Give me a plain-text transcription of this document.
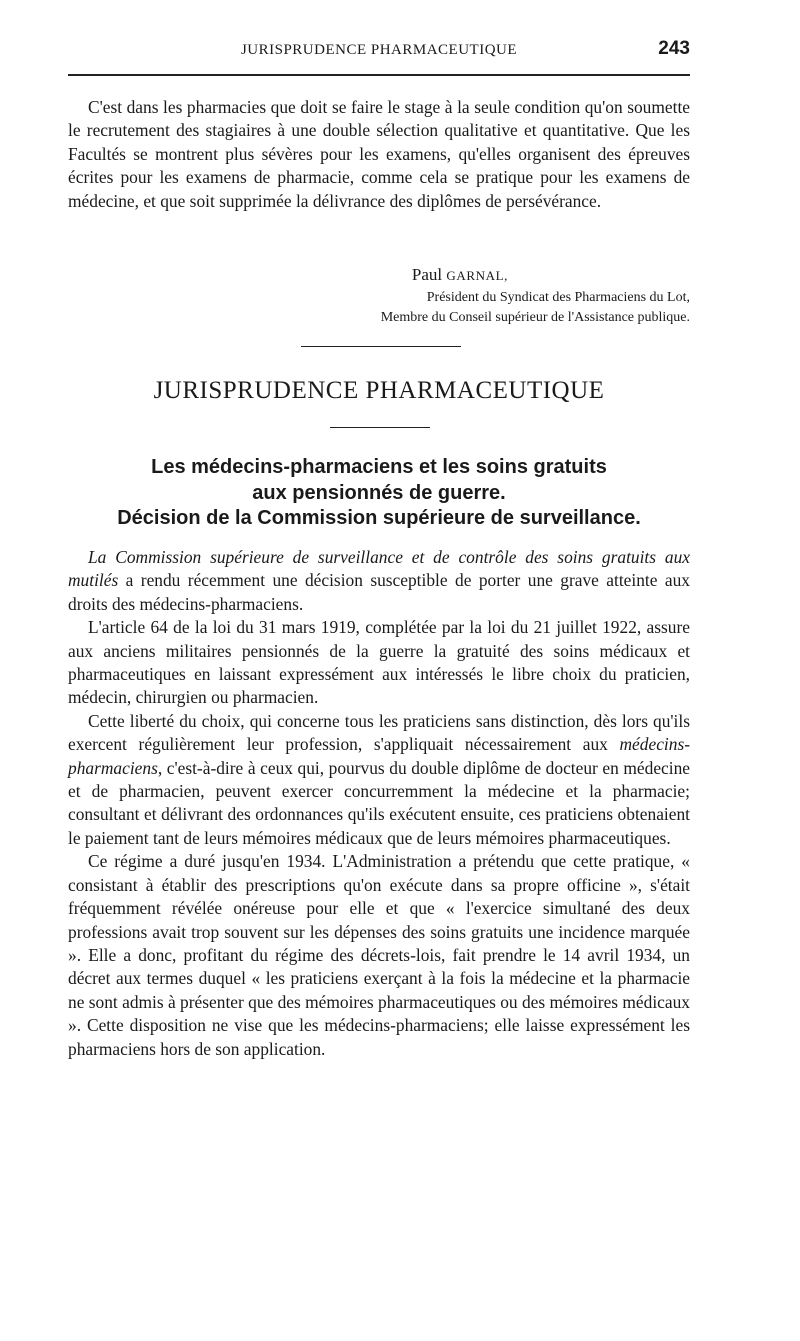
JURISPRUDENCE PHARMACEUTIQUE	243

C'est dans les pharmacies que doit se faire le stage à la seule condition qu'on soumette le recrutement des stagiaires à une double sélection qualitative et quantitative. Que les Facultés se montrent plus sévères pour les examens, qu'elles organisent des épreuves écrites pour les examens de pharmacie, comme cela se pratique pour les examens de médecine, et que soit supprimée la délivrance des diplômes de persévérance.

Paul GARNAL,
Président du Syndicat des Pharmaciens du Lot,
Membre du Conseil supérieur de l'Assistance publique.
JURISPRUDENCE PHARMACEUTIQUE
Les médecins-pharmaciens et les soins gratuits
aux pensionnés de guerre.
Décision de la Commission supérieure de surveillance.

La Commission supérieure de surveillance et de contrôle des soins gratuits aux mutilés a rendu récemment une décision susceptible de porter une grave atteinte aux droits des médecins-pharmaciens.

L'article 64 de la loi du 31 mars 1919, complétée par la loi du 21 juillet 1922, assure aux anciens militaires pensionnés de la guerre la gratuité des soins médicaux et pharmaceutiques en laissant expressément aux intéressés le libre choix du praticien, médecin, chirurgien ou pharmacien.

Cette liberté du choix, qui concerne tous les praticiens sans distinction, dès lors qu'ils exercent régulièrement leur profession, s'appliquait nécessairement aux médecins-pharmaciens, c'est-à-dire à ceux qui, pourvus du double diplôme de docteur en médecine et de pharmacien, peuvent exercer concurremment la médecine et la pharmacie; consultant et délivrant des ordonnances qu'ils exécutent ensuite, ces praticiens obtenaient le paiement tant de leurs mémoires médicaux que de leurs mémoires pharmaceutiques.

Ce régime a duré jusqu'en 1934. L'Administration a prétendu que cette pratique, « consistant à établir des prescriptions qu'on exécute dans sa propre officine », s'était fréquemment révélée onéreuse pour elle et que « l'exercice simultané des deux professions avait trop souvent sur les dépenses des soins gratuits une incidence marquée ». Elle a donc, profitant du régime des décrets-lois, fait prendre le 14 avril 1934, un décret aux termes duquel « les praticiens exerçant à la fois la médecine et la pharmacie ne sont admis à présenter que des mémoires pharmaceutiques ou des mémoires médicaux ». Cette disposition ne vise que les médecins-pharmaciens; elle laisse expressément les pharmaciens hors de son application.
